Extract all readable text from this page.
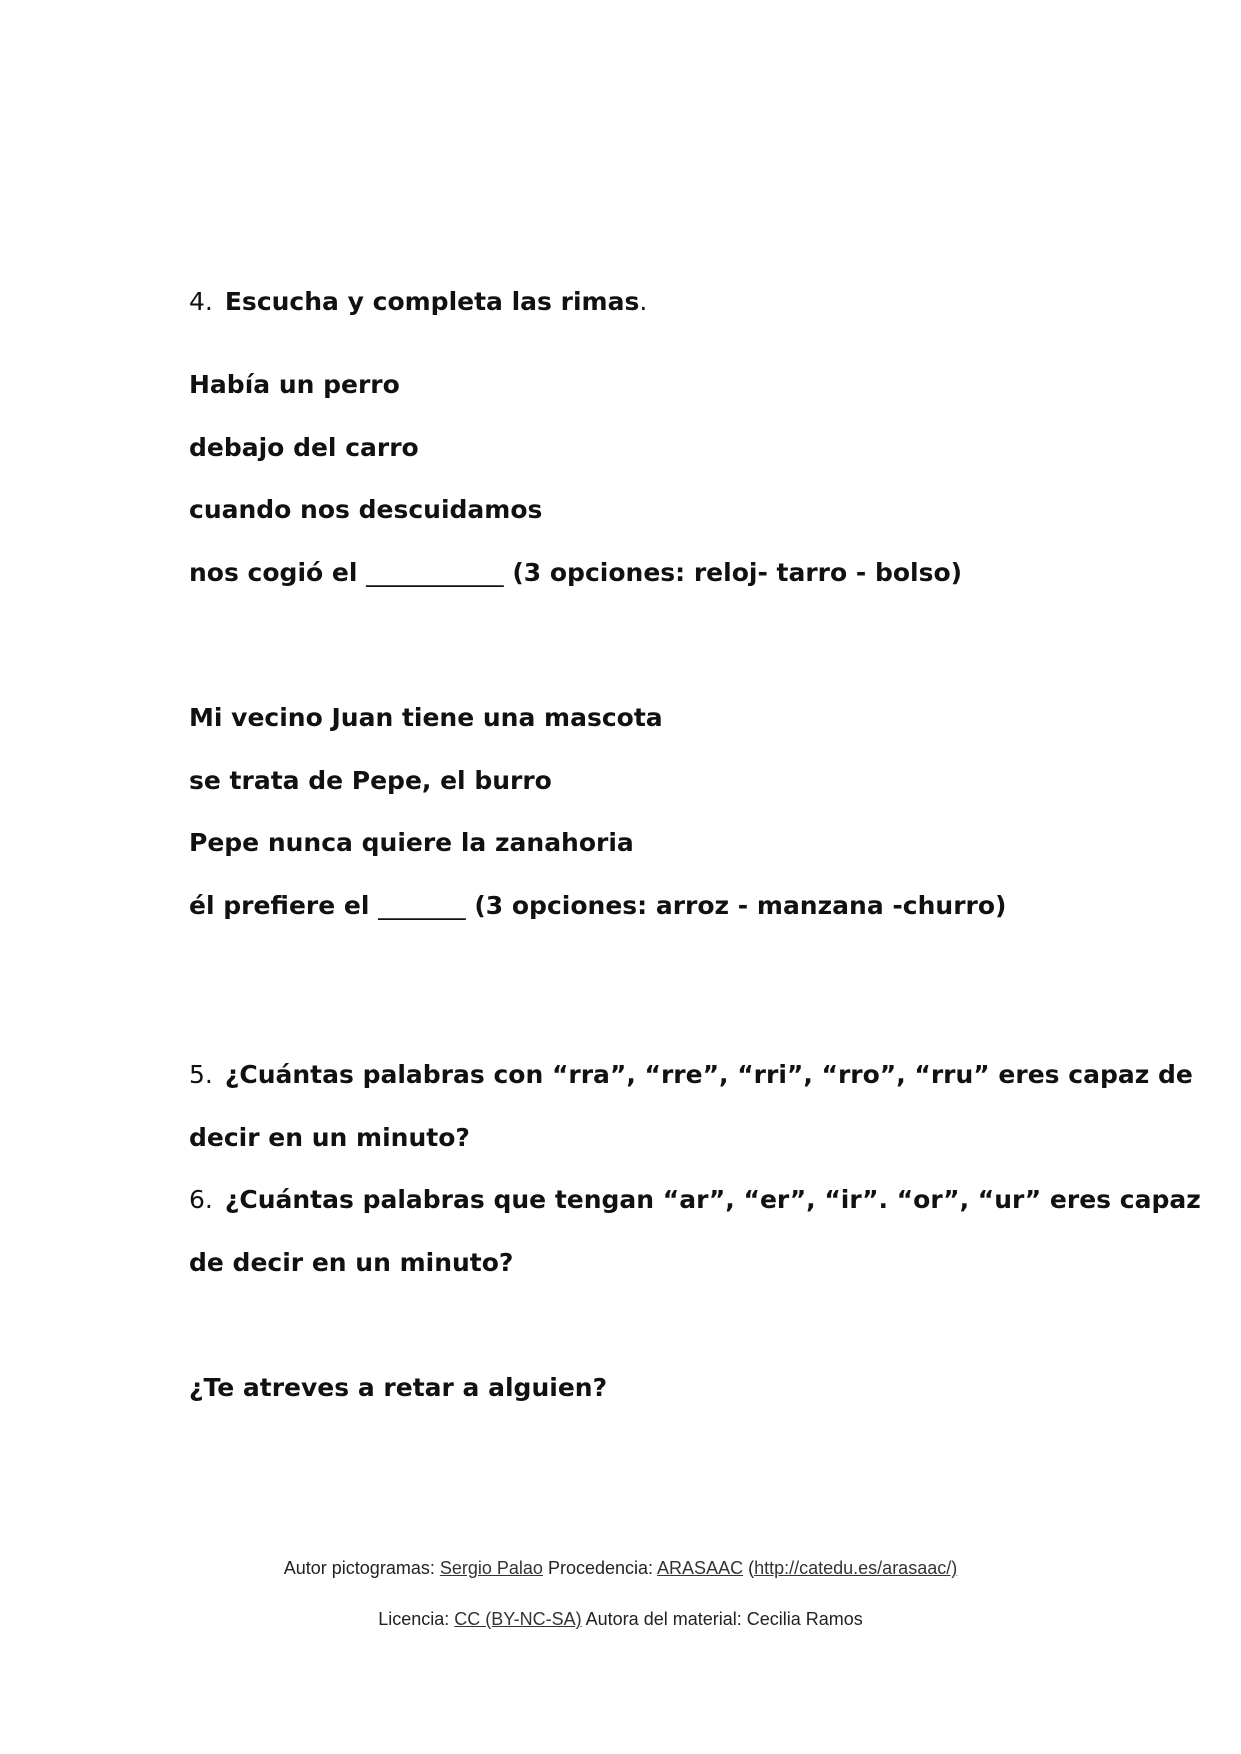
4. Escucha y completa las rimas.
Había un perro
debajo del carro
cuando nos descuidamos
nos cogió el ___________ (3 opciones: reloj- tarro - bolso)
Mi vecino Juan tiene una mascota
se trata de Pepe, el burro
Pepe nunca quiere la zanahoria
él prefiere el _______ (3 opciones: arroz - manzana -churro)
5. ¿Cuántas palabras con “rra”, “rre”, “rri”, “rro”, “rru” eres capaz de
decir en un minuto?
6. ¿Cuántas palabras que tengan “ar”, “er”, “ir”. “or”, “ur” eres capaz
de decir en un minuto?
¿Te atreves a retar a alguien?
Autor pictogramas: Sergio Palao Procedencia: ARASAAC (http://catedu.es/arasaac/)
Licencia: CC (BY-NC-SA) Autora del material: Cecilia Ramos
